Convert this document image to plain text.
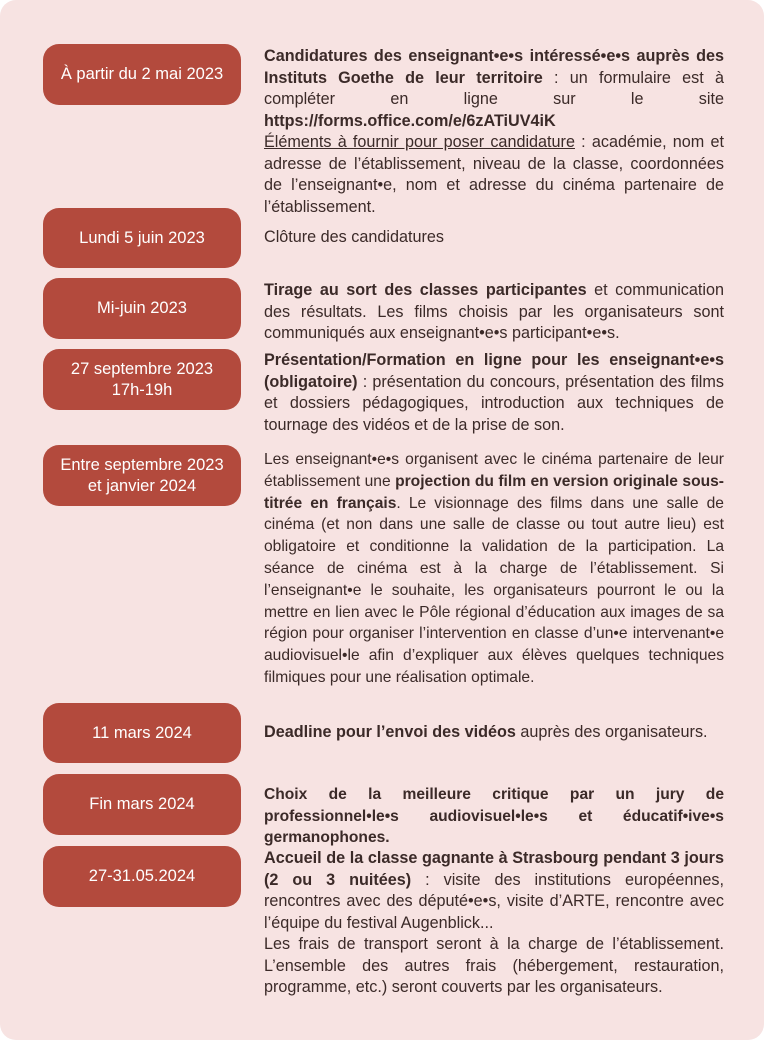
À partir du 2 mai 2023
Candidatures des enseignant•e•s intéressé•e•s auprès des Instituts Goethe de leur territoire : un formulaire est à compléter en ligne sur le site https://forms.office.com/e/6zATiUV4iK
Éléments à fournir pour poser candidature : académie, nom et adresse de l’établissement, niveau de la classe, coordonnées de l’enseignant•e, nom et adresse du cinéma partenaire de l’établissement.
Lundi 5 juin 2023	Clôture des candidatures
Mi-juin 2023
Tirage au sort des classes participantes et communication des résultats. Les films choisis par les organisateurs sont communiqués aux enseignant•e•s participant•e•s.
27 septembre 2023
17h-19h
Présentation/Formation en ligne pour les enseignant•e•s (obligatoire) : présentation du concours, présentation des films et dossiers pédagogiques, introduction aux techniques de tournage des vidéos et de la prise de son.
Entre septembre 2023
et janvier 2024
Les enseignant•e•s organisent avec le cinéma partenaire de leur établissement une projection du film en version originale sous-titrée en français. Le visionnage des films dans une salle de cinéma (et non dans une salle de classe ou tout autre lieu) est obligatoire et conditionne la validation de la participation. La séance de cinéma est à la charge de l’établissement. Si l’enseignant•e le souhaite, les organisateurs pourront le ou la mettre en lien avec le Pôle régional d’éducation aux images de sa région pour organiser l’intervention en classe d’un•e intervenant•e audiovisuel•le afin d’expliquer aux élèves quelques techniques filmiques pour une réalisation optimale.
11 mars 2024	Deadline pour l’envoi des vidéos auprès des organisateurs.
Fin mars 2024
Choix de la meilleure critique par un jury de professionnel•le•s audiovisuel•le•s et éducatif•ive•s germanophones.
27-31.05.2024
Accueil de la classe gagnante à Strasbourg pendant 3 jours (2 ou 3 nuitées) : visite des institutions européennes, rencontres avec des député•e•s, visite d’ARTE, rencontre avec l’équipe du festival Augenblick...
Les frais de transport seront à la charge de l’établissement. L’ensemble des autres frais (hébergement, restauration, programme, etc.) seront couverts par les organisateurs.
